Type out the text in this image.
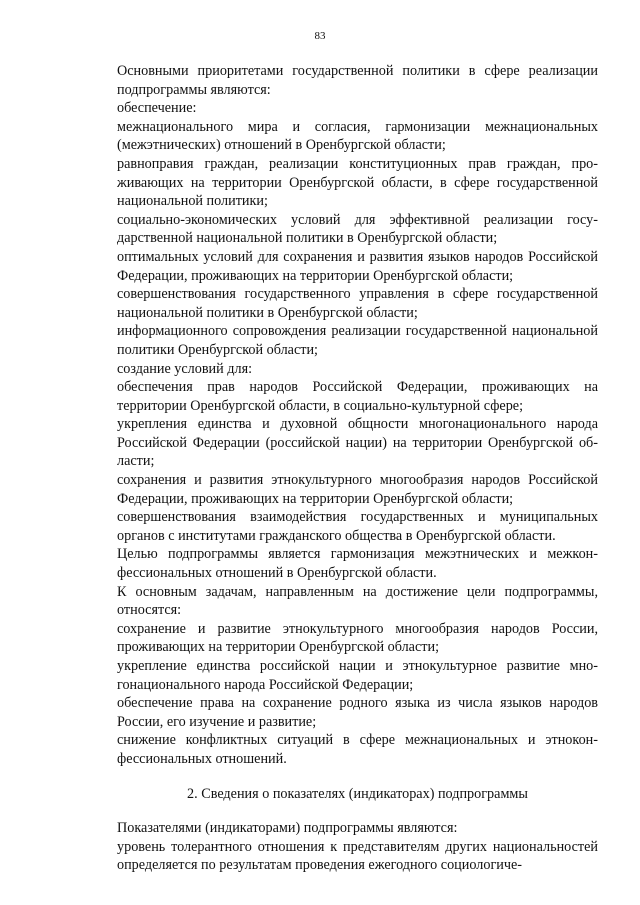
83

Основными приоритетами государственной политики в сфере реализации подпрограммы являются:

обеспечение:

межнационального мира и согласия, гармонизации межнациональных (межэтнических) отношений в Оренбургской области;

равноправия граждан, реализации конституционных прав граждан, проживающих на территории Оренбургской области, в сфере государственной национальной политики;

социально-экономических условий для эффективной реализации государственной национальной политики в Оренбургской области;

оптимальных условий для сохранения и развития языков народов Российской Федерации, проживающих на территории Оренбургской области;

совершенствования государственного управления в сфере государственной национальной политики в Оренбургской области;

информационного сопровождения реализации государственной национальной политики Оренбургской области;

создание условий для:

обеспечения прав народов Российской Федерации, проживающих на территории Оренбургской области, в социально-культурной сфере;

укрепления единства и духовной общности многонационального народа Российской Федерации (российской нации) на территории Оренбургской области;

сохранения и развития этнокультурного многообразия народов Российской Федерации, проживающих на территории Оренбургской области;

совершенствования взаимодействия государственных и муниципальных органов с институтами гражданского общества в Оренбургской области.

Целью подпрограммы является гармонизация межэтнических и межконфессиональных отношений в Оренбургской области.

К основным задачам, направленным на достижение цели подпрограммы, относятся:

сохранение и развитие этнокультурного многообразия народов России, проживающих на территории Оренбургской области;

укрепление единства российской нации и этнокультурное развитие многонационального народа Российской Федерации;

обеспечение права на сохранение родного языка из числа языков народов России, его изучение и развитие;

снижение конфликтных ситуаций в сфере межнациональных и этноконфессиональных отношений.

2. Сведения о показателях (индикаторах) подпрограммы

Показателями (индикаторами) подпрограммы являются:

уровень толерантного отношения к представителям других национальностей определяется по результатам проведения ежегодного социологиче-
